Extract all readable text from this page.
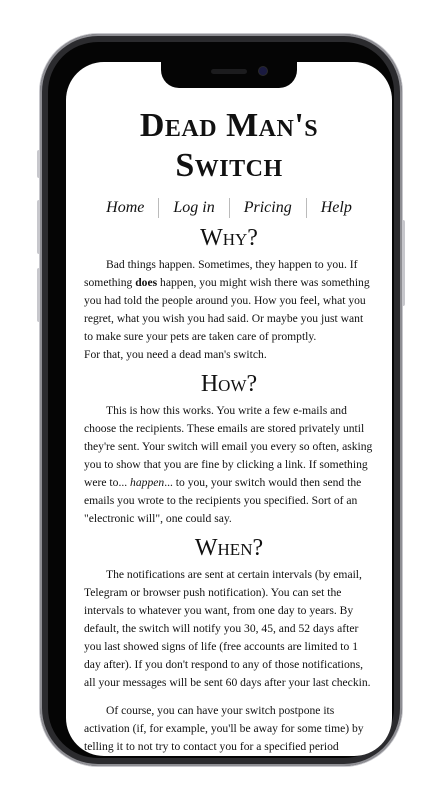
Dead Man's Switch
Home	Log in	Pricing	Help
Why?

Bad things happen. Sometimes, they happen to you. If something does happen, you might wish there was something you had told the people around you. How you feel, what you regret, what you wish you had said. Or maybe you just want to make sure your pets are taken care of promptly.

For that, you need a dead man's switch.

How?

This is how this works. You write a few e-mails and choose the recipients. These emails are stored privately until they're sent. Your switch will email you every so often, asking you to show that you are fine by clicking a link. If something were to... happen... to you, your switch would then send the emails you wrote to the recipients you specified. Sort of an "electronic will", one could say.

When?

The notifications are sent at certain intervals (by email, Telegram or browser push notification). You can set the intervals to whatever you want, from one day to years. By default, the switch will notify you 30, 45, and 52 days after you last showed signs of life (free accounts are limited to 1 day after). If you don't respond to any of those notifications, all your messages will be sent 60 days after your last checkin.

Of course, you can have your switch postpone its activation (if, for example, you'll be away for some time) by telling it to not try to contact you for a specified period
